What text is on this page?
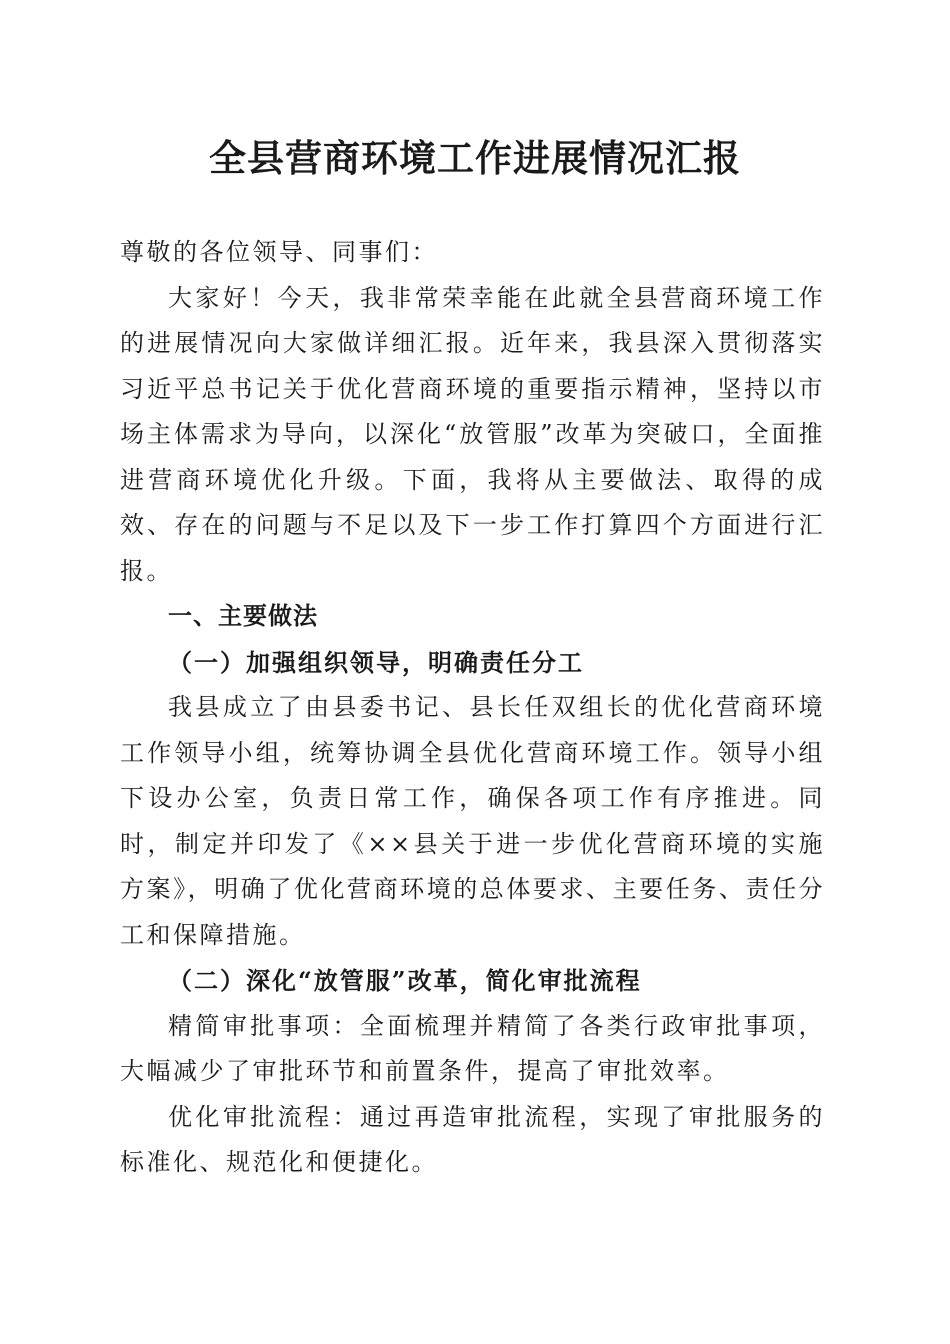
全县营商环境工作进展情况汇报

尊敬的各位领导、同事们：

大家好！今天，我非常荣幸能在此就全县营商环境工作的进展情况向大家做详细汇报。近年来，我县深入贯彻落实习近平总书记关于优化营商环境的重要指示精神，坚持以市场主体需求为导向，以深化“放管服”改革为突破口，全面推进营商环境优化升级。下面，我将从主要做法、取得的成效、存在的问题与不足以及下一步工作打算四个方面进行汇报。

一、主要做法

（一）加强组织领导，明确责任分工

我县成立了由县委书记、县长任双组长的优化营商环境工作领导小组，统筹协调全县优化营商环境工作。领导小组下设办公室，负责日常工作，确保各项工作有序推进。同时，制定并印发了《××县关于进一步优化营商环境的实施方案》，明确了优化营商环境的总体要求、主要任务、责任分工和保障措施。

（二）深化“放管服”改革，简化审批流程

精简审批事项：全面梳理并精简了各类行政审批事项，大幅减少了审批环节和前置条件，提高了审批效率。

优化审批流程：通过再造审批流程，实现了审批服务的标准化、规范化和便捷化。
